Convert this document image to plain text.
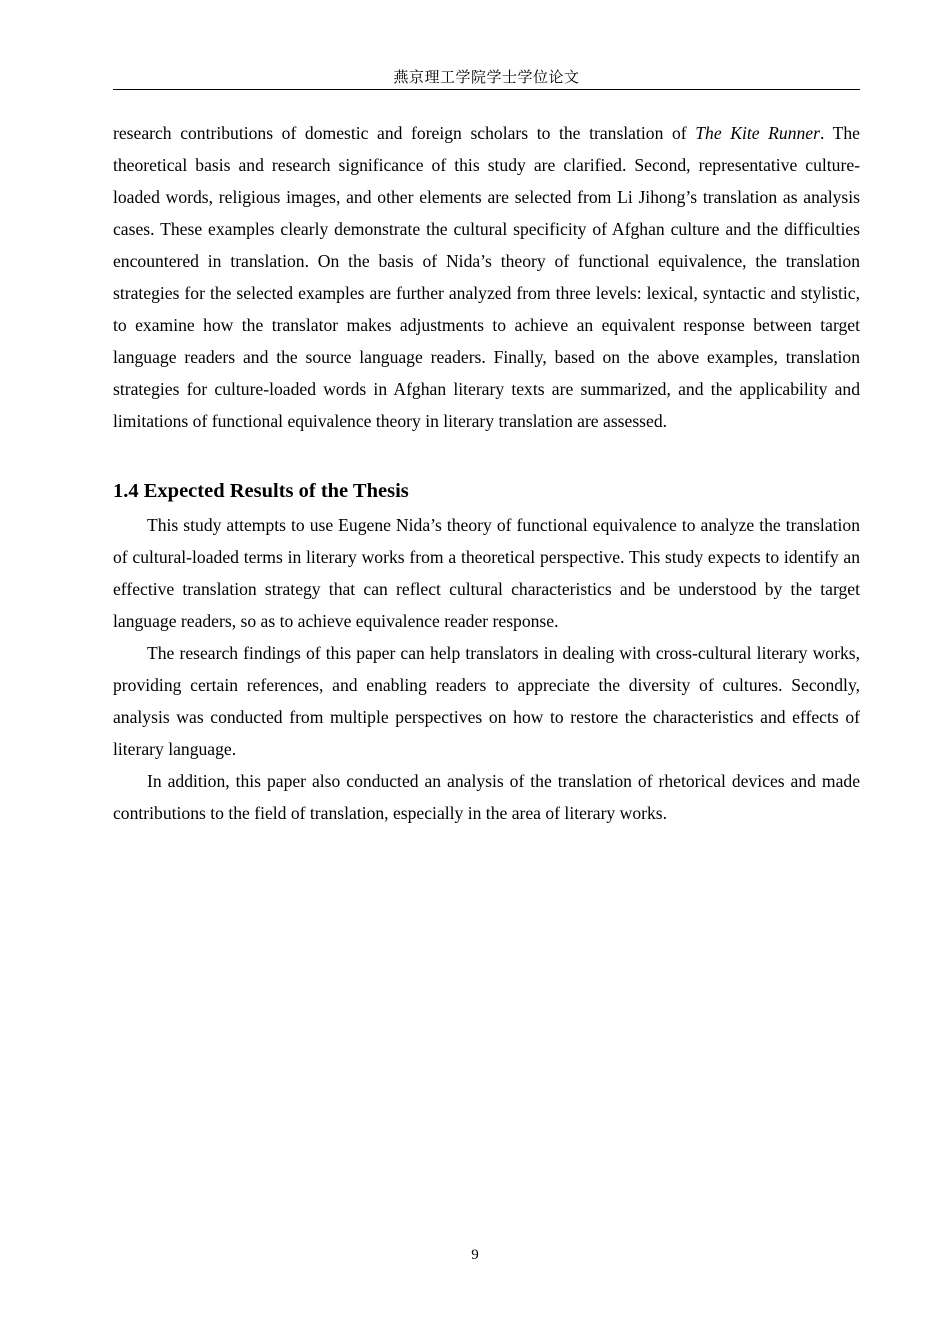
燕京理工学院学士学位论文

research contributions of domestic and foreign scholars to the translation of The Kite Runner. The theoretical basis and research significance of this study are clarified. Second, representative culture-loaded words, religious images, and other elements are selected from Li Jihong’s translation as analysis cases. These examples clearly demonstrate the cultural specificity of Afghan culture and the difficulties encountered in translation. On the basis of Nida’s theory of functional equivalence, the translation strategies for the selected examples are further analyzed from three levels: lexical, syntactic and stylistic, to examine how the translator makes adjustments to achieve an equivalent response between target language readers and the source language readers. Finally, based on the above examples, translation strategies for culture-loaded words in Afghan literary texts are summarized, and the applicability and limitations of functional equivalence theory in literary translation are assessed.

1.4 Expected Results of the Thesis

This study attempts to use Eugene Nida’s theory of functional equivalence to analyze the translation of cultural-loaded terms in literary works from a theoretical perspective. This study expects to identify an effective translation strategy that can reflect cultural characteristics and be understood by the target language readers, so as to achieve equivalence reader response.

The research findings of this paper can help translators in dealing with cross-cultural literary works, providing certain references, and enabling readers to appreciate the diversity of cultures. Secondly, analysis was conducted from multiple perspectives on how to restore the characteristics and effects of literary language.

In addition, this paper also conducted an analysis of the translation of rhetorical devices and made contributions to the field of translation, especially in the area of literary works.

9
